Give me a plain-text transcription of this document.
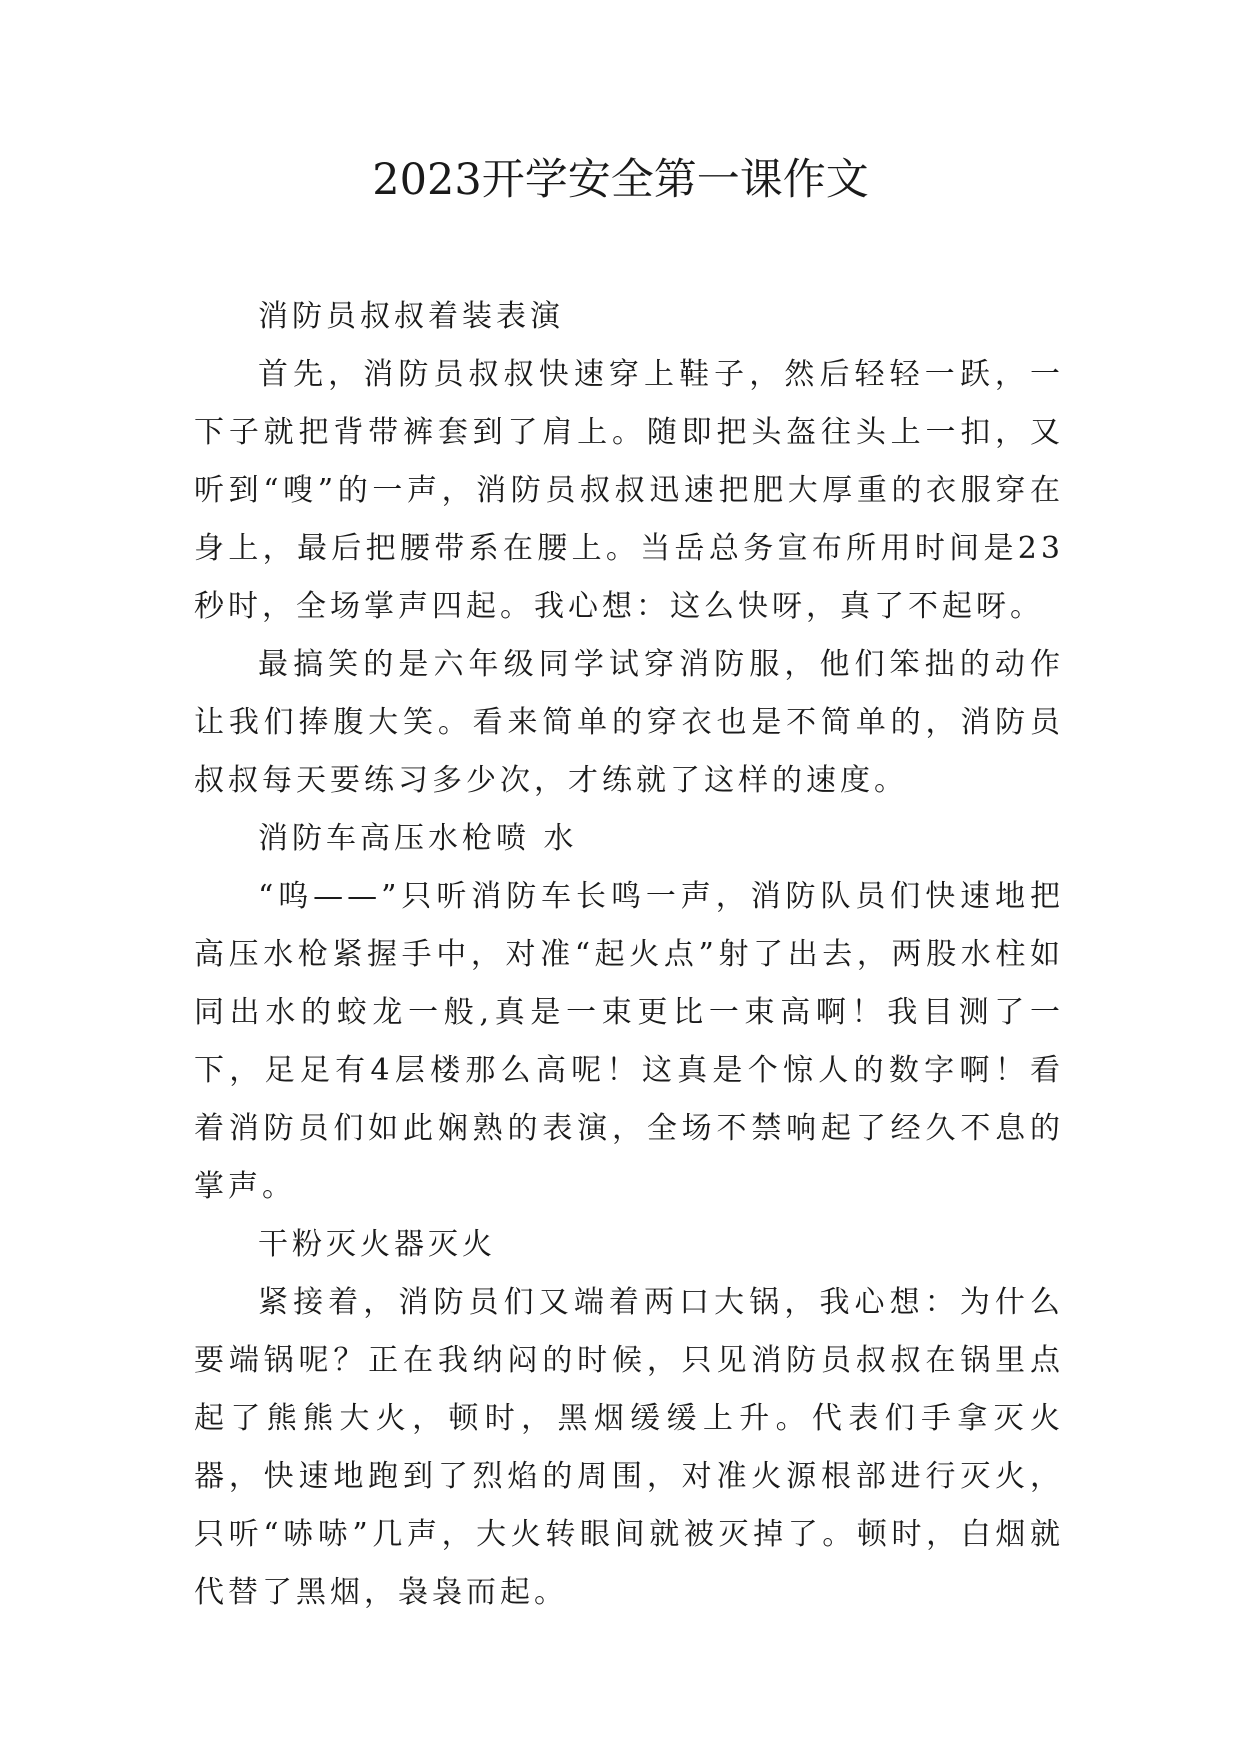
2023开学安全第一课作文

消防员叔叔着装表演

首先，消防员叔叔快速穿上鞋子，然后轻轻一跃，一下子就把背带裤套到了肩上。随即把头盔往头上一扣，又听到“嗖”的一声，消防员叔叔迅速把肥大厚重的衣服穿在身上，最后把腰带系在腰上。当岳总务宣布所用时间是23秒时，全场掌声四起。我心想：这么快呀，真了不起呀。

最搞笑的是六年级同学试穿消防服，他们笨拙的动作让我们捧腹大笑。看来简单的穿衣也是不简单的，消防员叔叔每天要练习多少次，才练就了这样的速度。

消防车高压水枪喷 水

“呜——”只听消防车长鸣一声，消防队员们快速地把高压水枪紧握手中，对准“起火点”射了出去，两股水柱如同出水的蛟龙一般,真是一束更比一束高啊！我目测了一下，足足有4层楼那么高呢！这真是个惊人的数字啊！看着消防员们如此娴熟的表演，全场不禁响起了经久不息的掌声。

干粉灭火器灭火

紧接着，消防员们又端着两口大锅，我心想：为什么要端锅呢？正在我纳闷的时候，只见消防员叔叔在锅里点起了熊熊大火，顿时，黑烟缓缓上升。代表们手拿灭火器，快速地跑到了烈焰的周围，对准火源根部进行灭火，只听“哧哧”几声，大火转眼间就被灭掉了。顿时，白烟就代替了黑烟，袅袅而起。
